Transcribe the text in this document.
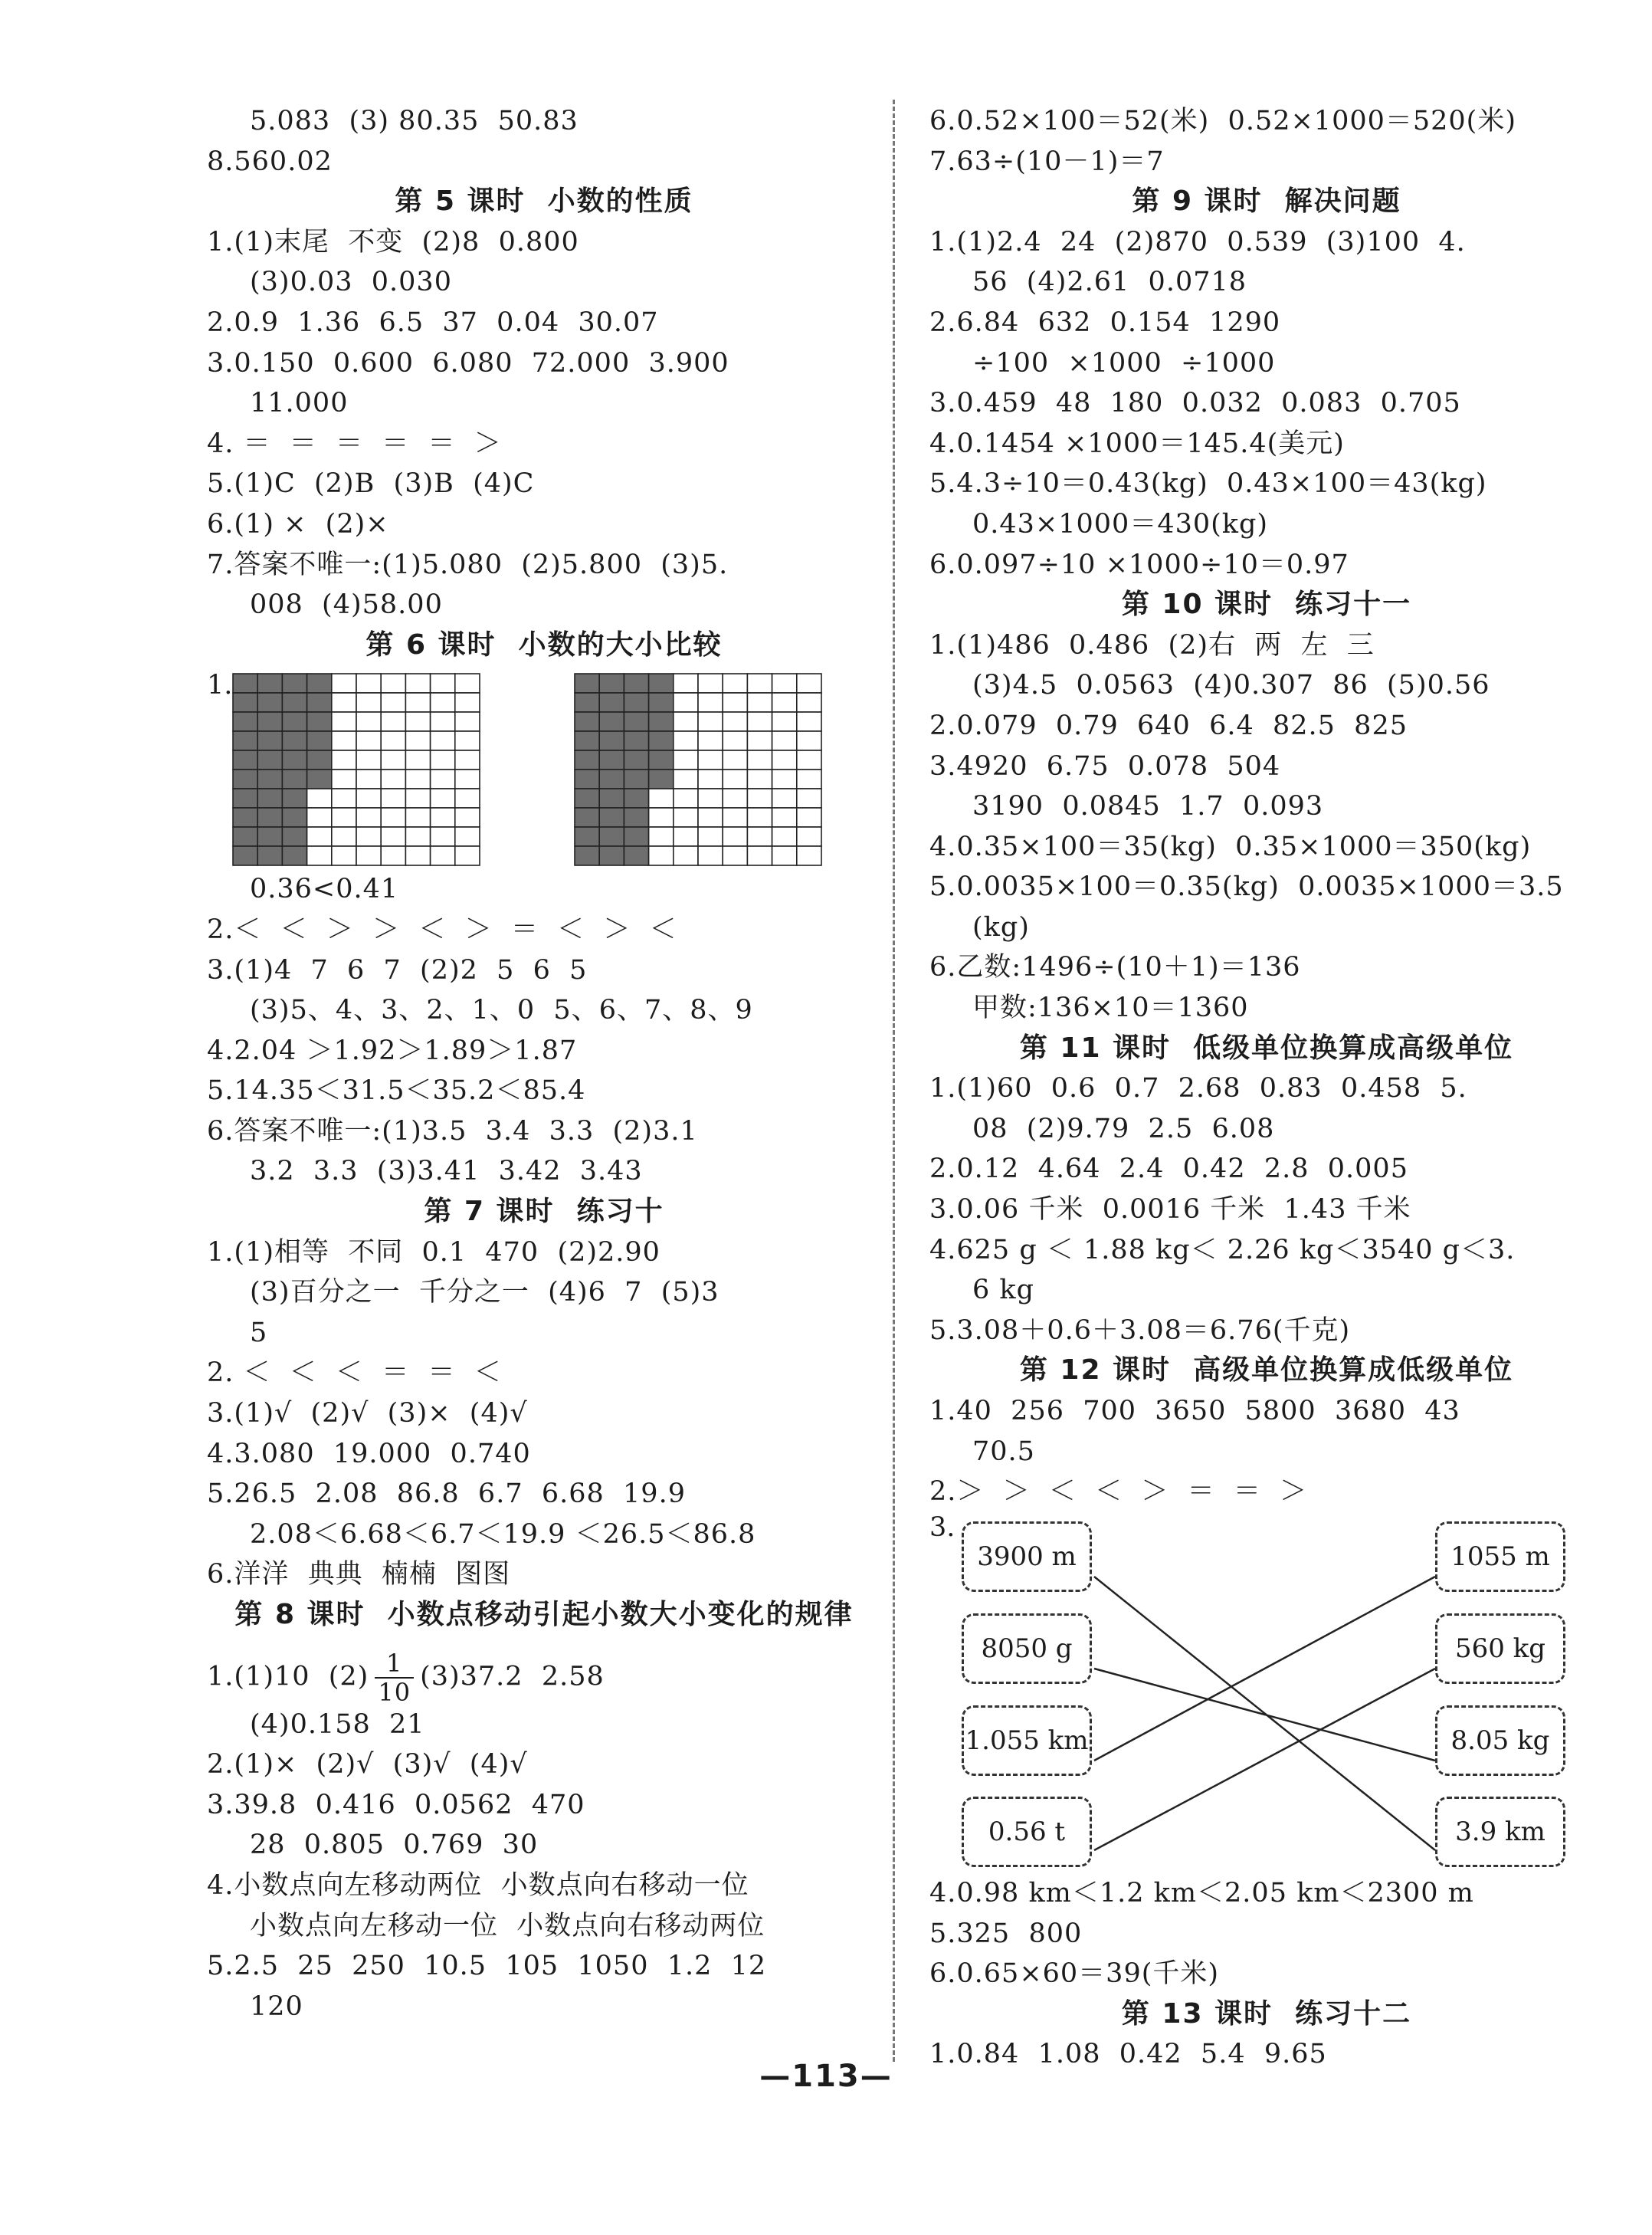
5.083  (3) 80.35  50.83
8.560.02
第 5 课时  小数的性质
1.(1)末尾  不变  (2)8  0.800
(3)0.03  0.030
2.0.9  1.36  6.5  37  0.04  30.07
3.0.150  0.600  6.080  72.000  3.900
11.000
4. ＝  ＝  ＝  ＝  ＝  ＞
5.(1)C  (2)B  (3)B  (4)C
6.(1) ×  (2)×
7.答案不唯一:(1)5.080  (2)5.800  (3)5.
008  (4)58.00
第 6 课时  小数的大小比较
1.
0.36<0.41
2.＜  ＜  ＞  ＞  ＜  ＞  ＝  ＜  ＞  ＜
3.(1)4  7  6  7  (2)2  5  6  5
(3)5、4、3、2、1、0  5、6、7、8、9
4.2.04 ＞1.92＞1.89＞1.87
5.14.35＜31.5＜35.2＜85.4
6.答案不唯一:(1)3.5  3.4  3.3  (2)3.1
3.2  3.3  (3)3.41  3.42  3.43
第 7 课时  练习十
1.(1)相等  不同  0.1  470  (2)2.90
(3)百分之一  千分之一  (4)6  7  (5)3
5
2. ＜  ＜  ＜  ＝  ＝  ＜
3.(1)√  (2)√  (3)×  (4)√
4.3.080  19.000  0.740
5.26.5  2.08  86.8  6.7  6.68  19.9
2.08＜6.68＜6.7＜19.9 ＜26.5＜86.8
6.洋洋  典典  楠楠  图图
第 8 课时  小数点移动引起小数大小变化的规律
1.(1)10  $(2) \frac{1}{10} (3)37.2$  2.58
(4)0.158  21
2.(1)×  (2)√  (3)√  (4)√
3.39.8  0.416  0.0562  470
28  0.805  0.769  30
4.小数点向左移动两位  小数点向右移动一位
小数点向左移动一位  小数点向右移动两位
5.2.5  25  250  10.5  105  1050  1.2  12
120
6.0.52×100＝52(米)  0.52×1000＝520(米)
7.63÷(10－1)＝7
第 9 课时  解决问题
1.(1)2.4  24  (2)870  0.539  (3)100  4.
56  (4)2.61  0.0718
2.6.84  632  0.154  1290
÷100  ×1000  ÷1000
3.0.459  48  180  0.032  0.083  0.705
4.0.1454 ×1000＝145.4(美元)
5.4.3÷10＝0.43(kg)  0.43×100＝43(kg)
0.43×1000＝430(kg)
6.0.097÷10 ×1000÷10＝0.97
第 10 课时  练习十一
1.(1)486  0.486  (2)右  两  左  三
(3)4.5  0.0563  (4)0.307  86  (5)0.56
2.0.079  0.79  640  6.4  82.5  825
3.4920  6.75  0.078  504
3190  0.0845  1.7  0.093
4.0.35×100＝35(kg)  0.35×1000＝350(kg)
5.0.0035×100＝0.35(kg)  0.0035×1000＝3.5
(kg)
6.乙数:1496÷(10＋1)＝136
甲数:136×10＝1360
第 11 课时  低级单位换算成高级单位
1.(1)60  0.6  0.7  2.68  0.83  0.458  5.
08  (2)9.79  2.5  6.08
2.0.12  4.64  2.4  0.42  2.8  0.005
3.0.06 千米  0.0016 千米  1.43 千米
4.625 g ＜ 1.88 kg＜ 2.26 kg＜3540 g＜3.
6 kg
5.3.08＋0.6＋3.08＝6.76(千克)
第 12 课时  高级单位换算成低级单位
1.40  256  700  3650  5800  3680  43
70.5
2.＞  ＞  ＜  ＜  ＞  ＝  ＝  ＞
3.
3900 m
8050 g
1.055 km
1055 m
560 kg
8.05 kg
0.56 t	3.9 km
4.0.98 km＜1.2 km＜2.05 km＜2300 m
5.325  800
6.0.65×60＝39(千米)
第 13 课时  练习十二
1.0.84  1.08  0.42  5.4  9.65
—113—
